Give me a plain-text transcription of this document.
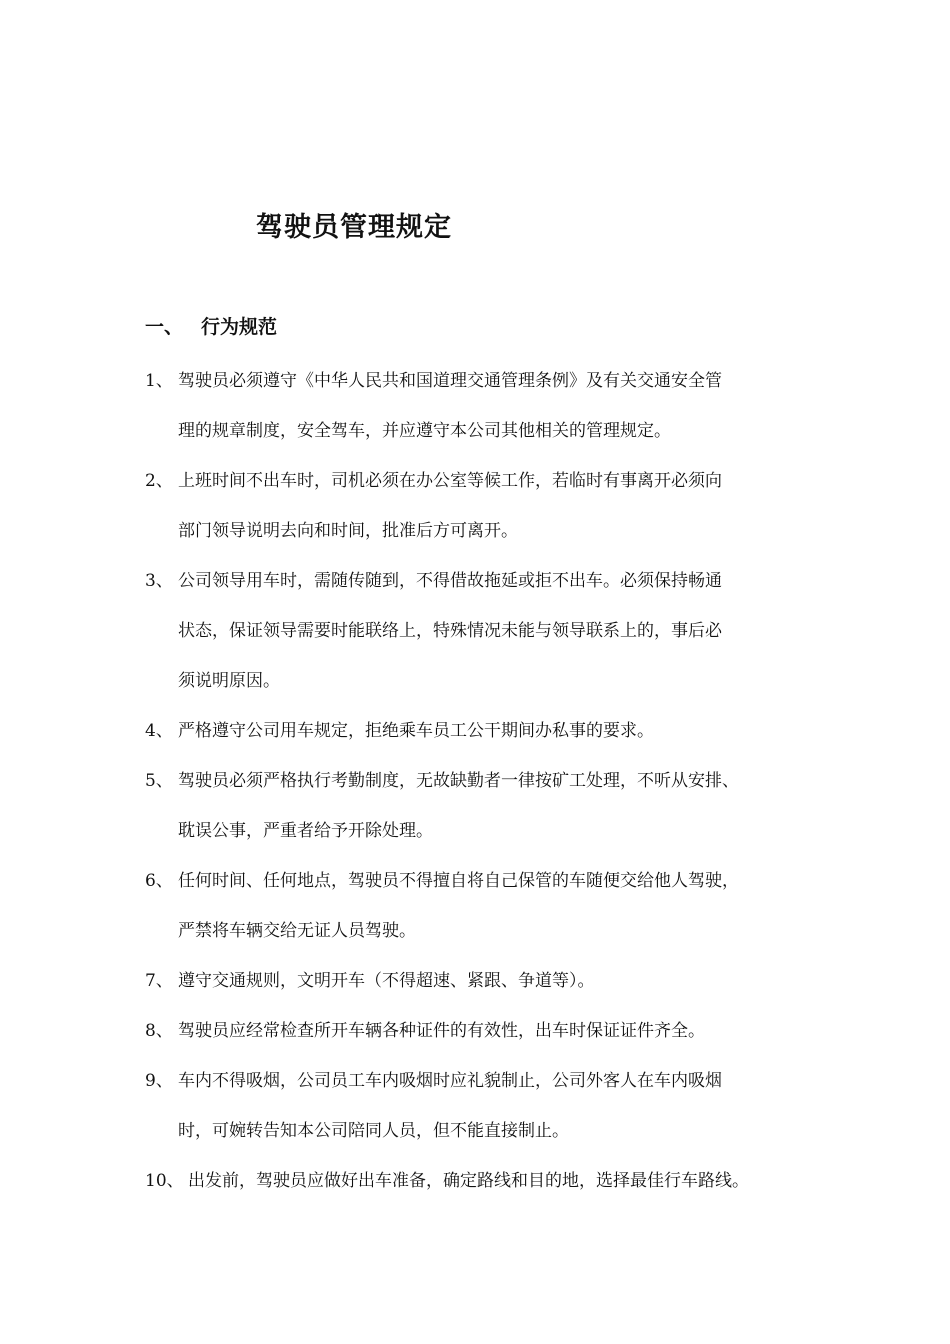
驾驶员管理规定
一、 行为规范
1、 驾驶员必须遵守《中华人民共和国道理交通管理条例》及有关交通安全管
理的规章制度，安全驾车，并应遵守本公司其他相关的管理规定。
2、 上班时间不出车时，司机必须在办公室等候工作，若临时有事离开必须向
部门领导说明去向和时间，批准后方可离开。
3、 公司领导用车时，需随传随到，不得借故拖延或拒不出车。必须保持畅通
状态，保证领导需要时能联络上，特殊情况未能与领导联系上的，事后必
须说明原因。
4、 严格遵守公司用车规定，拒绝乘车员工公干期间办私事的要求。
5、 驾驶员必须严格执行考勤制度，无故缺勤者一律按矿工处理，不听从安排、
耽误公事，严重者给予开除处理。
6、 任何时间、任何地点，驾驶员不得擅自将自己保管的车随便交给他人驾驶，
严禁将车辆交给无证人员驾驶。
7、 遵守交通规则，文明开车（不得超速、紧跟、争道等）。
8、 驾驶员应经常检查所开车辆各种证件的有效性，出车时保证证件齐全。
9、 车内不得吸烟，公司员工车内吸烟时应礼貌制止，公司外客人在车内吸烟
时，可婉转告知本公司陪同人员，但不能直接制止。
10、 出发前，驾驶员应做好出车准备，确定路线和目的地，选择最佳行车路线。
